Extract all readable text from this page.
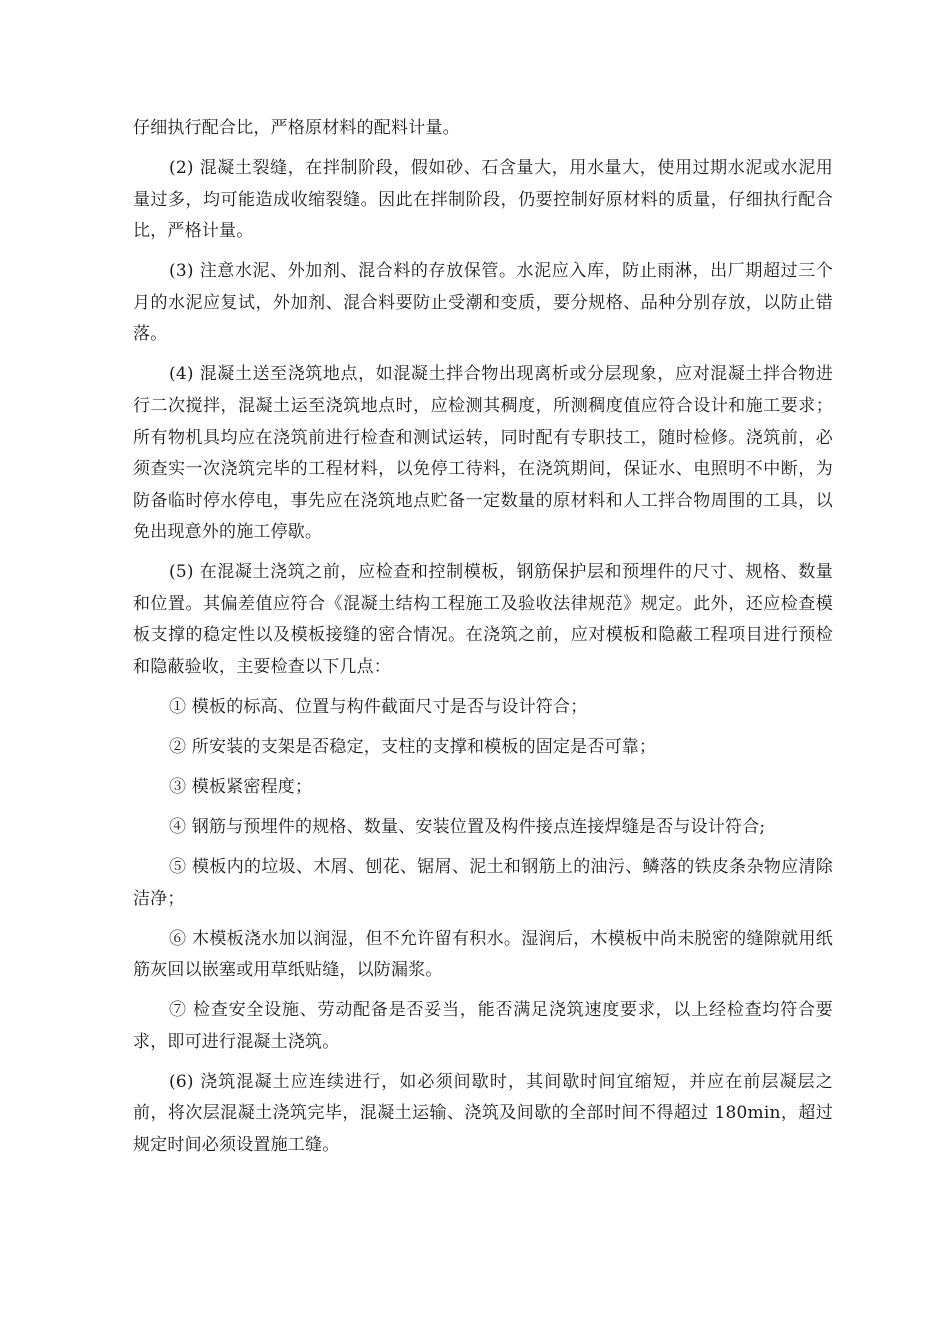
仔细执行配合比，严格原材料的配料计量。

(2) 混凝土裂缝，在拌制阶段，假如砂、石含量大，用水量大，使用过期水泥或水泥用量过多，均可能造成收缩裂缝。因此在拌制阶段，仍要控制好原材料的质量，仔细执行配合比，严格计量。

(3) 注意水泥、外加剂、混合料的存放保管。水泥应入库，防止雨淋，出厂期超过三个月的水泥应复试，外加剂、混合料要防止受潮和变质，要分规格、品种分别存放，以防止错落。

(4) 混凝土送至浇筑地点，如混凝土拌合物出现离析或分层现象，应对混凝土拌合物进行二次搅拌，混凝土运至浇筑地点时，应检测其稠度，所测稠度值应符合设计和施工要求；所有物机具均应在浇筑前进行检查和测试运转，同时配有专职技工，随时检修。浇筑前，必须查实一次浇筑完毕的工程材料，以免停工待料，在浇筑期间，保证水、电照明不中断，为防备临时停水停电，事先应在浇筑地点贮备一定数量的原材料和人工拌合物周围的工具，以免出现意外的施工停歇。

(5) 在混凝土浇筑之前，应检查和控制模板，钢筋保护层和预埋件的尺寸、规格、数量和位置。其偏差值应符合《混凝土结构工程施工及验收法律规范》规定。此外，还应检查模板支撑的稳定性以及模板接缝的密合情况。在浇筑之前，应对模板和隐蔽工程项目进行预检和隐蔽验收，主要检查以下几点：

① 模板的标高、位置与构件截面尺寸是否与设计符合；

② 所安装的支架是否稳定，支柱的支撑和模板的固定是否可靠；

③ 模板紧密程度；

④ 钢筋与预埋件的规格、数量、安装位置及构件接点连接焊缝是否与设计符合;

⑤ 模板内的垃圾、木屑、刨花、锯屑、泥土和钢筋上的油污、鳞落的铁皮条杂物应清除洁净；

⑥ 木模板浇水加以润湿，但不允许留有积水。湿润后，木模板中尚未脱密的缝隙就用纸筋灰回以嵌塞或用草纸贴缝，以防漏浆。

⑦ 检查安全设施、劳动配备是否妥当，能否满足浇筑速度要求，以上经检查均符合要求，即可进行混凝土浇筑。

(6) 浇筑混凝土应连续进行，如必须间歇时，其间歇时间宜缩短，并应在前层凝层之前，将次层混凝土浇筑完毕，混凝土运输、浇筑及间歇的全部时间不得超过 180min，超过规定时间必须设置施工缝。
